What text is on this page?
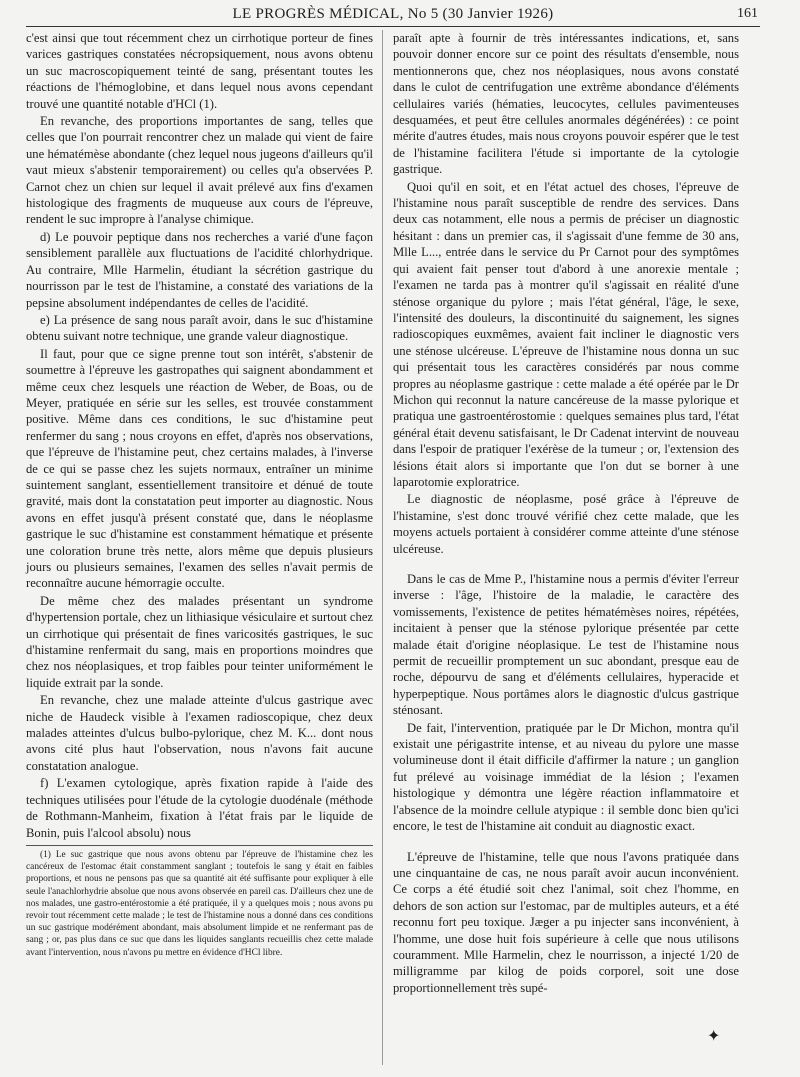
LE PROGRÈS MÉDICAL, No 5 (30 Janvier 1926)	161

c'est ainsi que tout récemment chez un cirrhotique porteur de fines varices gastriques constatées nécropsiquement, nous avons obtenu un suc macroscopiquement teinté de sang, présentant toutes les réactions de l'hémoglobine, et dans lequel nous avons cependant trouvé une quantité notable d'HCl (1).

En revanche, des proportions importantes de sang, telles que celles que l'on pourrait rencontrer chez un malade qui vient de faire une hématémèse abondante (chez lequel nous jugeons d'ailleurs qu'il vaut mieux s'abstenir temporairement) ou celles qu'a observées P. Carnot chez un chien sur lequel il avait prélevé aux fins d'examen histologique des fragments de muqueuse aux cours de l'épreuve, rendent le suc impropre à l'analyse chimique.

d) Le pouvoir peptique dans nos recherches a varié d'une façon sensiblement parallèle aux fluctuations de l'acidité chlorhydrique. Au contraire, Mlle Harmelin, étudiant la sécrétion gastrique du nourrisson par le test de l'histamine, a constaté des variations de la pepsine absolument indépendantes de celles de l'acidité.

e) La présence de sang nous paraît avoir, dans le suc d'histamine obtenu suivant notre technique, une grande valeur diagnostique.

Il faut, pour que ce signe prenne tout son intérêt, s'abstenir de soumettre à l'épreuve les gastropathes qui saignent abondamment et même ceux chez lesquels une réaction de Weber, de Boas, ou de Meyer, pratiquée en série sur les selles, est trouvée constamment positive. Même dans ces conditions, le suc d'histamine peut renfermer du sang ; nous croyons en effet, d'après nos observations, que l'épreuve de l'histamine peut, chez certains malades, à l'inverse de ce qui se passe chez les sujets normaux, entraîner un minime suintement sanglant, essentiellement transitoire et dénué de toute gravité, mais dont la constatation peut importer au diagnostic. Nous avons en effet jusqu'à présent constaté que, dans le néoplasme gastrique le suc d'histamine est constamment hématique et présente une coloration brune très nette, alors même que depuis plusieurs jours ou plusieurs semaines, l'examen des selles n'avait permis de reconnaître aucune hémorragie occulte.

De même chez des malades présentant un syndrome d'hypertension portale, chez un lithiasique vésiculaire et surtout chez un cirrhotique qui présentait de fines varicosités gastriques, le suc d'histamine renfermait du sang, mais en proportions moindres que chez nos néoplasiques, et trop faibles pour teinter uniformément le liquide extrait par la sonde.

En revanche, chez une malade atteinte d'ulcus gastrique avec niche de Haudeck visible à l'examen radioscopique, chez deux malades atteintes d'ulcus bulbo-pylorique, chez M. K... dont nous avons cité plus haut l'observation, nous n'avons fait aucune constatation analogue.

f) L'examen cytologique, après fixation rapide à l'aide des techniques utilisées pour l'étude de la cytologie duodénale (méthode de Rothmann-Manheim, fixation à l'état frais par le liquide de Bonin, puis l'alcool absolu) nous

(1) Le suc gastrique que nous avons obtenu par l'épreuve de l'histamine chez les cancéreux de l'estomac était constamment sanglant ; toutefois le sang y était en faibles proportions, et nous ne pensons pas que sa quantité ait été suffisante pour expliquer à elle seule l'anachlorhydrie absolue que nous avons observée en pareil cas. D'ailleurs chez une de nos malades, une gastro-entérostomie a été pratiquée, il y a quelques mois ; nous avons pu revoir tout récemment cette malade ; le test de l'histamine nous a donné dans ces conditions un suc gastrique modérément abondant, mais absolument limpide et ne renfermant pas de sang ; or, pas plus dans ce suc que dans les liquides sanglants recueillis chez cette malade avant l'intervention, nous n'avons pu mettre en évidence d'HCl libre.

paraît apte à fournir de très intéressantes indications, et, sans pouvoir donner encore sur ce point des résultats d'ensemble, nous mentionnerons que, chez nos néoplasiques, nous avons constaté dans le culot de centrifugation une extrême abondance d'éléments cellulaires variés (hématies, leucocytes, cellules pavimenteuses desquamées, et peut être cellules anormales dégénérées) : ce point mérite d'autres études, mais nous croyons pouvoir espérer que le test de l'histamine facilitera l'étude si importante de la cytologie gastrique.

Quoi qu'il en soit, et en l'état actuel des choses, l'épreuve de l'histamine nous paraît susceptible de rendre des services. Dans deux cas notamment, elle nous a permis de préciser un diagnostic hésitant : dans un premier cas, il s'agissait d'une femme de 30 ans, Mlle L..., entrée dans le service du Pr Carnot pour des symptômes qui avaient fait penser tout d'abord à une anorexie mentale ; l'examen ne tarda pas à montrer qu'il s'agissait en réalité d'une sténose organique du pylore ; mais l'état général, l'âge, le sexe, l'intensité des douleurs, la discontinuité du saignement, les signes radioscopiques euxmêmes, avaient fait incliner le diagnostic vers une sténose ulcéreuse. L'épreuve de l'histamine nous donna un suc qui présentait tous les caractères considérés par nous comme propres au néoplasme gastrique : cette malade a été opérée par le Dr Michon qui reconnut la nature cancéreuse de la masse pylorique et pratiqua une gastroentérostomie : quelques semaines plus tard, l'état général était devenu satisfaisant, le Dr Cadenat intervint de nouveau dans l'espoir de pratiquer l'exérèse de la tumeur ; or, l'extension des lésions était alors si importante que l'on dut se borner à une laparotomie exploratrice.

Le diagnostic de néoplasme, posé grâce à l'épreuve de l'histamine, s'est donc trouvé vérifié chez cette malade, que les moyens actuels portaient à considérer comme atteinte d'une sténose ulcéreuse.

Dans le cas de Mme P., l'histamine nous a permis d'éviter l'erreur inverse : l'âge, l'histoire de la maladie, le caractère des vomissements, l'existence de petites hématémèses noires, répétées, incitaient à penser que la sténose pylorique présentée par cette malade était d'origine néoplasique. Le test de l'histamine nous permit de recueillir promptement un suc abondant, presque eau de roche, dépourvu de sang et d'éléments cellulaires, hyperacide et hyperpeptique. Nous portâmes alors le diagnostic d'ulcus gastrique sténosant.

De fait, l'intervention, pratiquée par le Dr Michon, montra qu'il existait une périgastrite intense, et au niveau du pylore une masse volumineuse dont il était difficile d'affirmer la nature ; un ganglion fut prélevé au voisinage immédiat de la lésion ; l'examen histologique y démontra une légère réaction inflammatoire et l'absence de la moindre cellule atypique : il semble donc bien qu'ici encore, le test de l'histamine ait conduit au diagnostic exact.

L'épreuve de l'histamine, telle que nous l'avons pratiquée dans une cinquantaine de cas, ne nous paraît avoir aucun inconvénient. Ce corps a été étudié soit chez l'animal, soit chez l'homme, en dehors de son action sur l'estomac, par de multiples auteurs, et a été reconnu fort peu toxique. Jæger a pu injecter sans inconvénient, à l'homme, une dose huit fois supérieure à celle que nous utilisons couramment. Mlle Harmelin, chez le nourrisson, a injecté 1/20 de milligramme par kilog de poids corporel, soit une dose proportionnellement très supé-

✦
